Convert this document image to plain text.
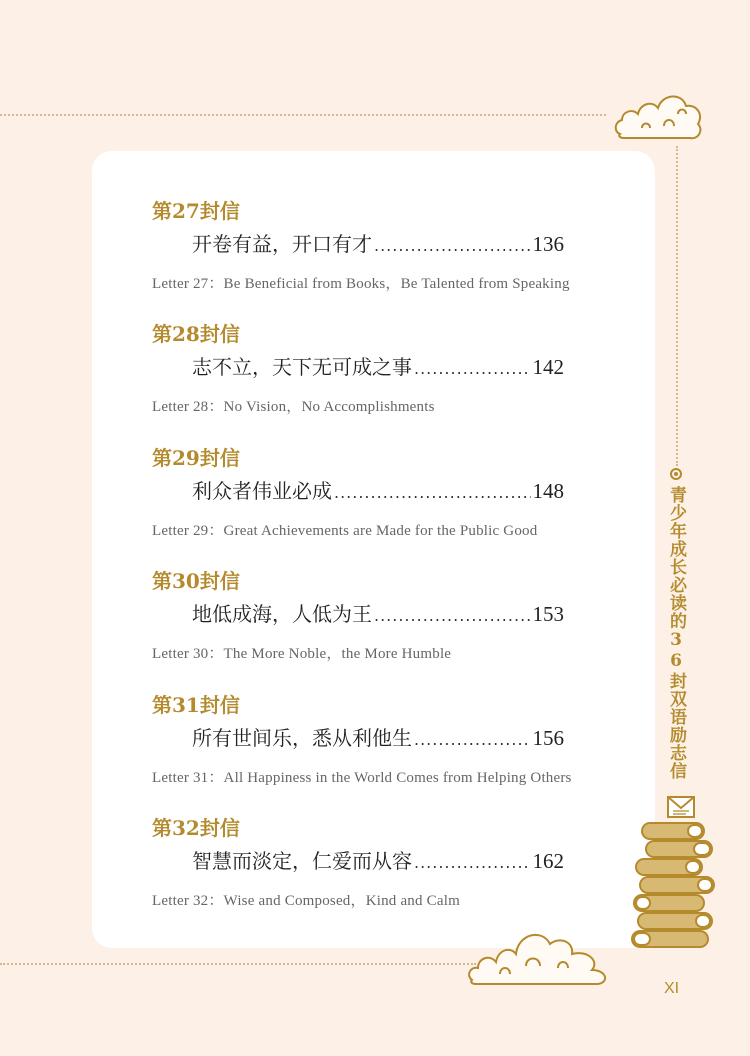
第27封信
开卷有益，开口有才 .....	136
Letter 27：Be Beneficial from Books，Be Talented from Speaking
第28封信
志不立，天下无可成之事 .....	142
Letter 28：No Vision，No Accomplishments
第29封信
利众者伟业必成 .....	148
Letter 29：Great Achievements are Made for the Public Good
第30封信
地低成海，人低为王 .....	153
Letter 30：The More Noble，the More Humble
第31封信
所有世间乐，悉从利他生 .....	156
Letter 31：All Happiness in the World Comes from Helping Others
第32封信
智慧而淡定，仁爱而从容 .....	162
Letter 32：Wise and Composed，Kind and Calm
青少年成长必读的36封双语励志信
XI
